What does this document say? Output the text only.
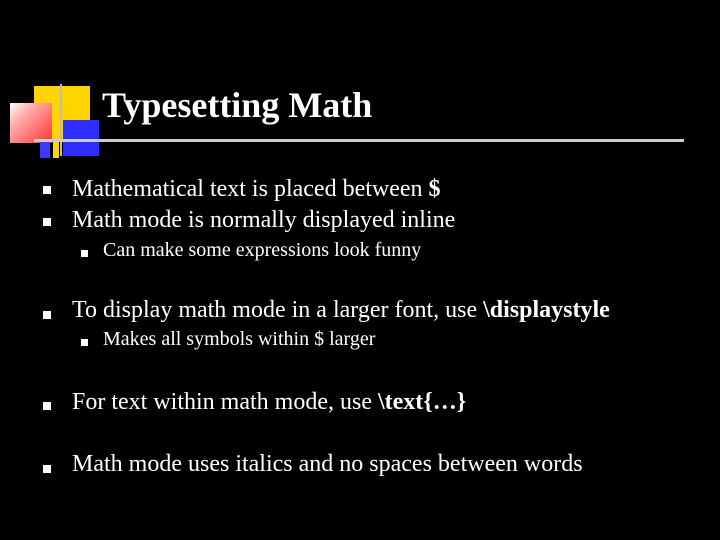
Typesetting Math
Mathematical text is placed between $
Math mode is normally displayed inline
Can make some expressions look funny
To display math mode in a larger font, use \displaystyle
Makes all symbols within $ larger
For text within math mode, use \text{…}
Math mode uses italics and no spaces between words
